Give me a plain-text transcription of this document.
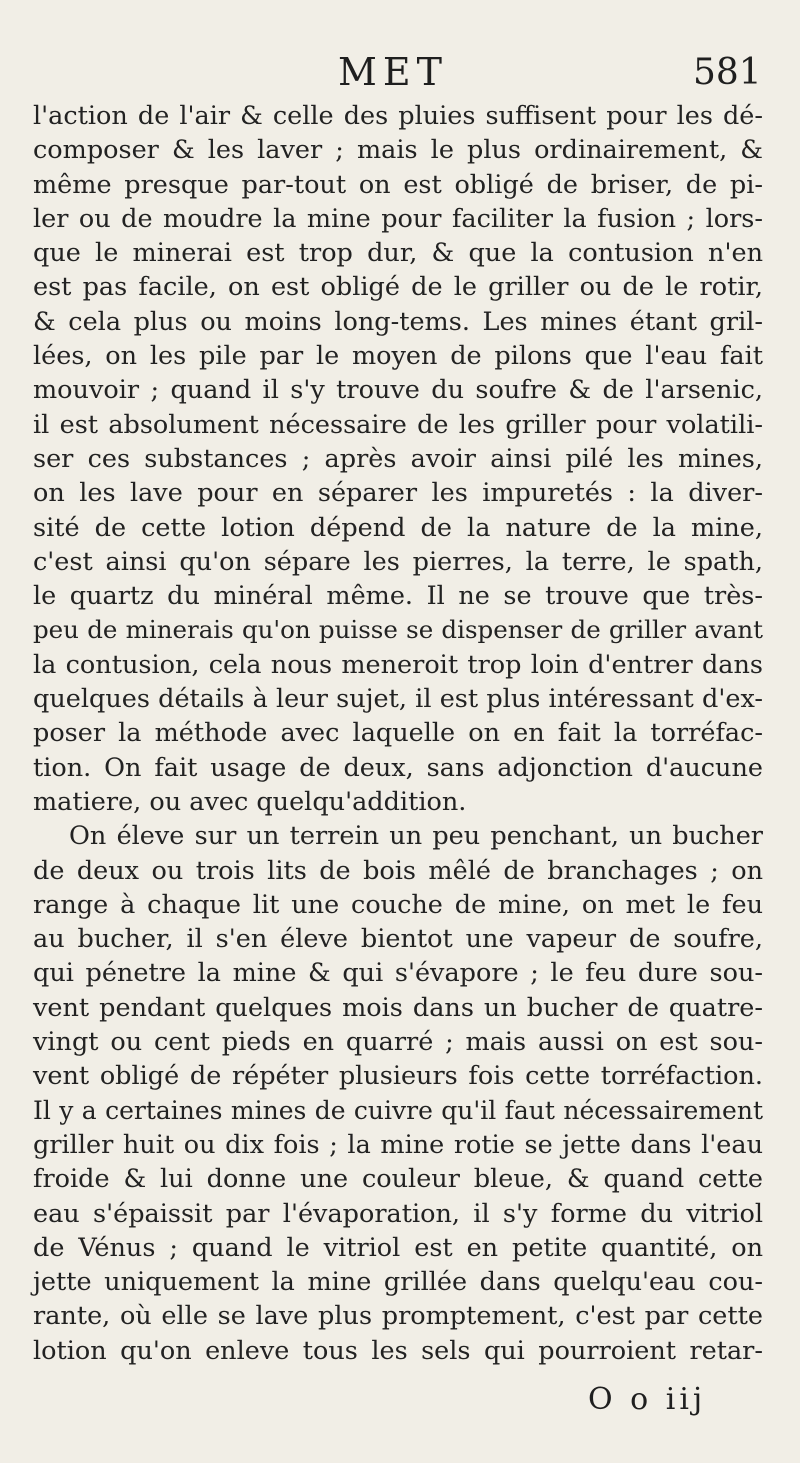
MET	581
l'action de l'air & celle des pluies suffisent pour les dé-
composer & les laver ; mais le plus ordinairement, &
même presque par-tout on est obligé de briser, de pi-
ler ou de moudre la mine pour faciliter la fusion ; lors-
que le minerai est trop dur, & que la contusion n'en
est pas facile, on est obligé de le griller ou de le rotir,
& cela plus ou moins long-tems. Les mines étant gril-
lées, on les pile par le moyen de pilons que l'eau fait
mouvoir ; quand il s'y trouve du soufre & de l'arsenic,
il est absolument nécessaire de les griller pour volatili-
ser ces substances ; après avoir ainsi pilé les mines,
on les lave pour en séparer les impuretés : la diver-
sité de cette lotion dépend de la nature de la mine,
c'est ainsi qu'on sépare les pierres, la terre, le spath,
le quartz du minéral même. Il ne se trouve que très-
peu de minerais qu'on puisse se dispenser de griller avant
la contusion, cela nous meneroit trop loin d'entrer dans
quelques détails à leur sujet, il est plus intéressant d'ex-
poser la méthode avec laquelle on en fait la torréfac-
tion. On fait usage de deux, sans adjonction d'aucune
matiere, ou avec quelqu'addition.
On éleve sur un terrein un peu penchant, un bucher
de deux ou trois lits de bois mêlé de branchages ; on
range à chaque lit une couche de mine, on met le feu
au bucher, il s'en éleve bientot une vapeur de soufre,
qui pénetre la mine & qui s'évapore ; le feu dure sou-
vent pendant quelques mois dans un bucher de quatre-
vingt ou cent pieds en quarré ; mais aussi on est sou-
vent obligé de répéter plusieurs fois cette torréfaction.
Il y a certaines mines de cuivre qu'il faut nécessairement
griller huit ou dix fois ; la mine rotie se jette dans l'eau
froide & lui donne une couleur bleue, & quand cette
eau s'épaissit par l'évaporation, il s'y forme du vitriol
de Vénus ; quand le vitriol est en petite quantité, on
jette uniquement la mine grillée dans quelqu'eau cou-
rante, où elle se lave plus promptement, c'est par cette
lotion qu'on enleve tous les sels qui pourroient retar-
O o iij
